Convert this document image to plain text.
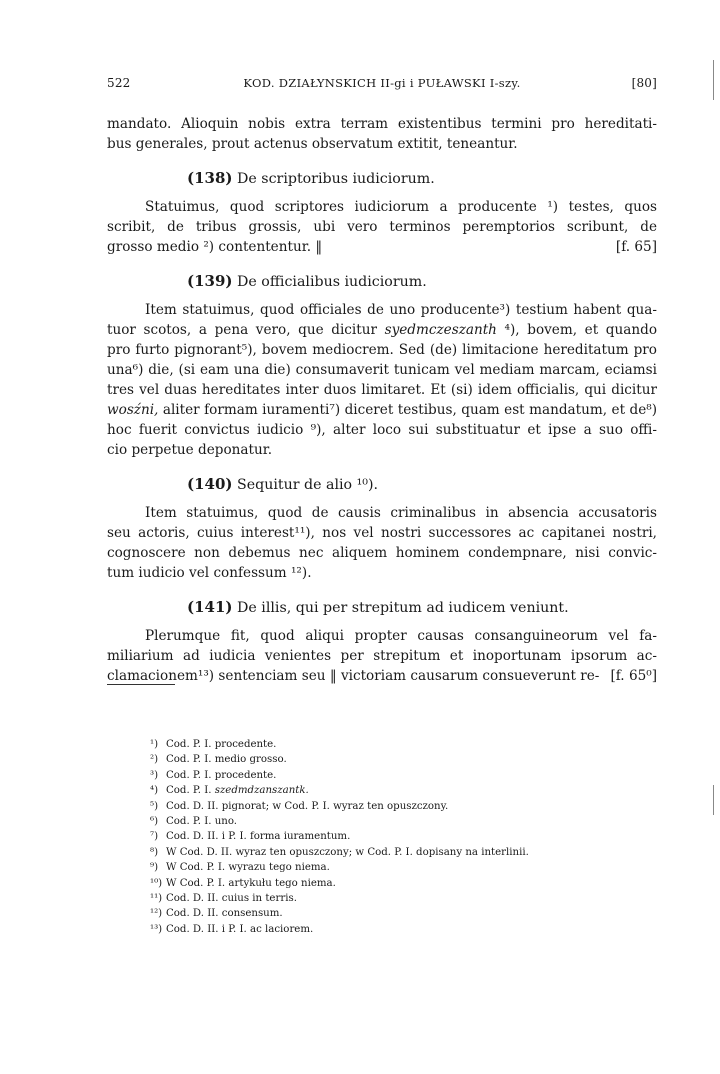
522	KOD. DZIAŁYNSKICH II-gi i PUŁAWSKI I-szy.	[80]
mandato. Alioquin nobis extra terram existentibus termini pro hereditati-
bus generales, prout actenus observatum extitit, teneantur.
(138) De scriptoribus iudiciorum.
Statuimus, quod scriptores iudiciorum a producente ¹) testes, quos
scribit, de tribus grossis, ubi vero terminos peremptorios scribunt, de
grosso medio ²) contententur. ‖	[f. 65]
(139) De officialibus iudiciorum.
Item statuimus, quod officiales de uno producente³) testium habent qua-
tuor scotos, a pena vero, que dicitur syedmczeszanth ⁴), bovem, et quando
pro furto pignorant⁵), bovem mediocrem. Sed (de) limitacione hereditatum pro
una⁶) die, (si eam una die) consumaverit tunicam vel mediam marcam, eciamsi
tres vel duas hereditates inter duos limitaret. Et (si) idem officialis, qui dicitur
wosźni, aliter formam iuramenti⁷) diceret testibus, quam est mandatum, et de⁸)
hoc fuerit convictus iudicio ⁹), alter loco sui substituatur et ipse a suo offi-
cio perpetue deponatur.
(140) Sequitur de alio ¹⁰).
Item statuimus, quod de causis criminalibus in absencia accusatoris
seu actoris, cuius interest¹¹), nos vel nostri successores ac capitanei nostri,
cognoscere non debemus nec aliquem hominem condempnare, nisi convic-
tum iudicio vel confessum ¹²).
(141) De illis, qui per strepitum ad iudicem veniunt.
Plerumque fit, quod aliqui propter causas consanguineorum vel fa-
miliarium ad iudicia venientes per strepitum et inoportunam ipsorum ac-
clamacionem¹³) sentenciam seu ‖ victoriam causarum consueverunt re- [f. 65⁰]
¹) Cod. P. I. procedente.
²) Cod. P. I. medio grosso.
³) Cod. P. I. procedente.
⁴) Cod. P. I. szedmdzanszantk.
⁵) Cod. D. II. pignorat; w Cod. P. I. wyraz ten opuszczony.
⁶) Cod. P. I. uno.
⁷) Cod. D. II. i P. I. forma iuramentum.
⁸) W Cod. D. II. wyraz ten opuszczony; w Cod. P. I. dopisany na interlinii.
⁹) W Cod. P. I. wyrazu tego niema.
¹⁰) W Cod. P. I. artykułu tego niema.
¹¹) Cod. D. II. cuius in terris.
¹²) Cod. D. II. consensum.
¹³) Cod. D. II. i P. I. ac laciorem.
